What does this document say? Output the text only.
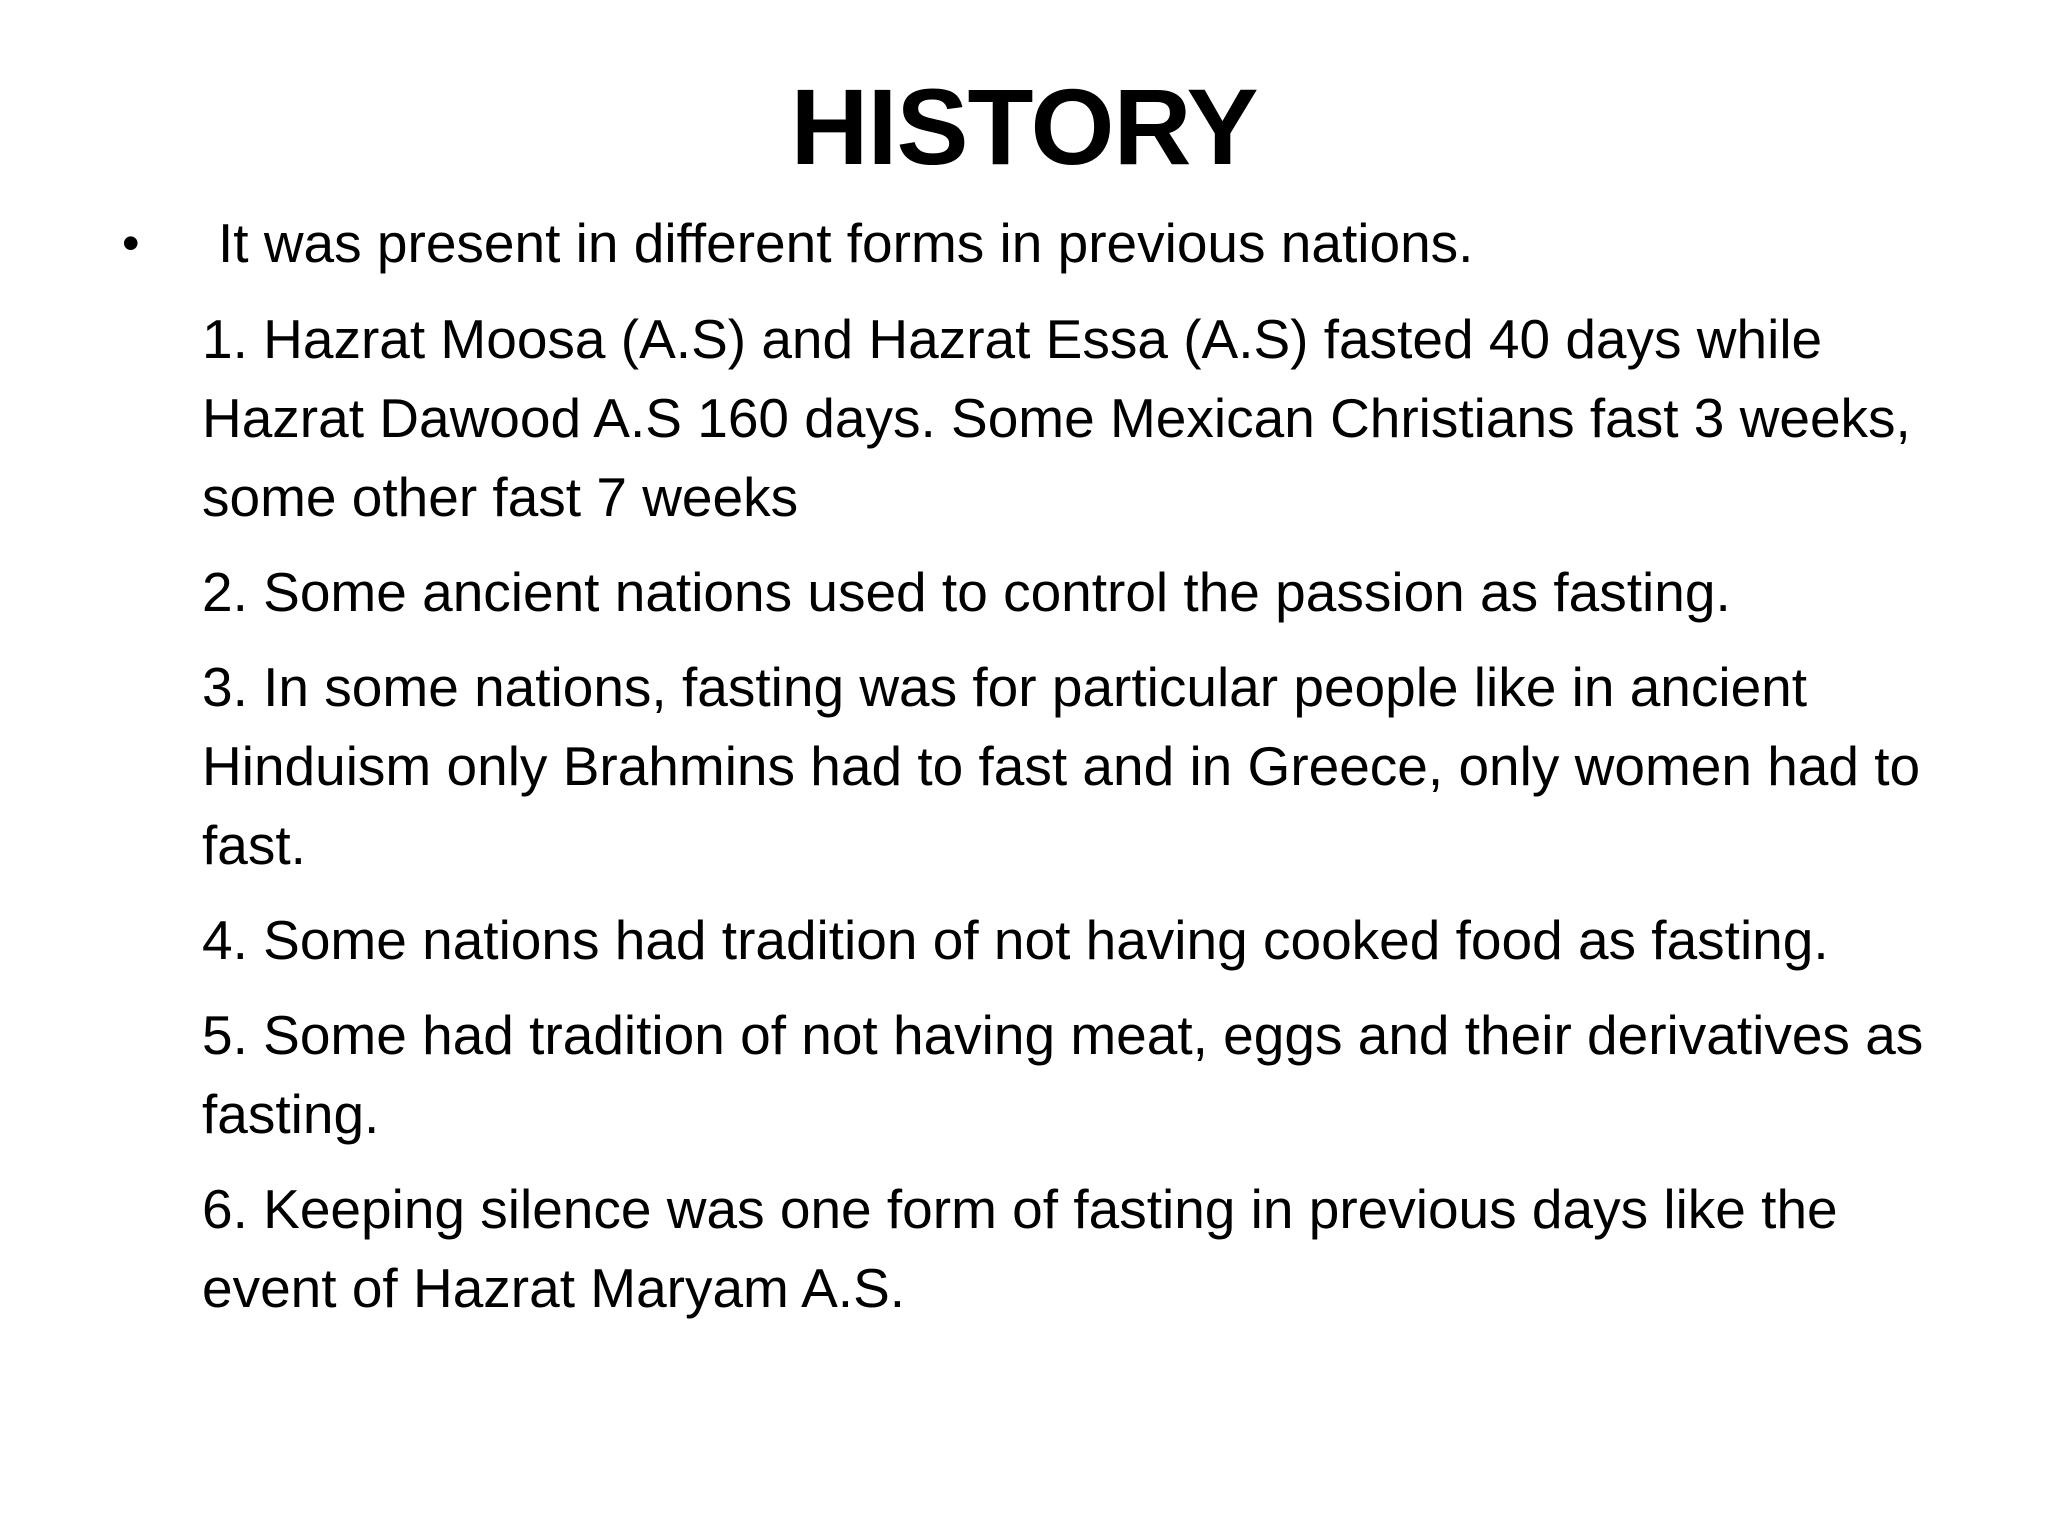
HISTORY
•	It was present in different forms in previous nations.

1. Hazrat Moosa (A.S) and Hazrat Essa (A.S) fasted 40 days while Hazrat Dawood A.S 160 days. Some Mexican Christians fast 3 weeks, some other fast 7 weeks

2. Some ancient nations used to control the passion as fasting.

3. In some nations, fasting was for particular people like in ancient Hinduism only Brahmins had to fast and in Greece, only women had to fast.

4. Some nations had tradition of not having cooked food as fasting.

5. Some had tradition of not having meat, eggs and their derivatives as fasting.

6. Keeping silence was one form of fasting in previous days like the event of Hazrat Maryam A.S.
